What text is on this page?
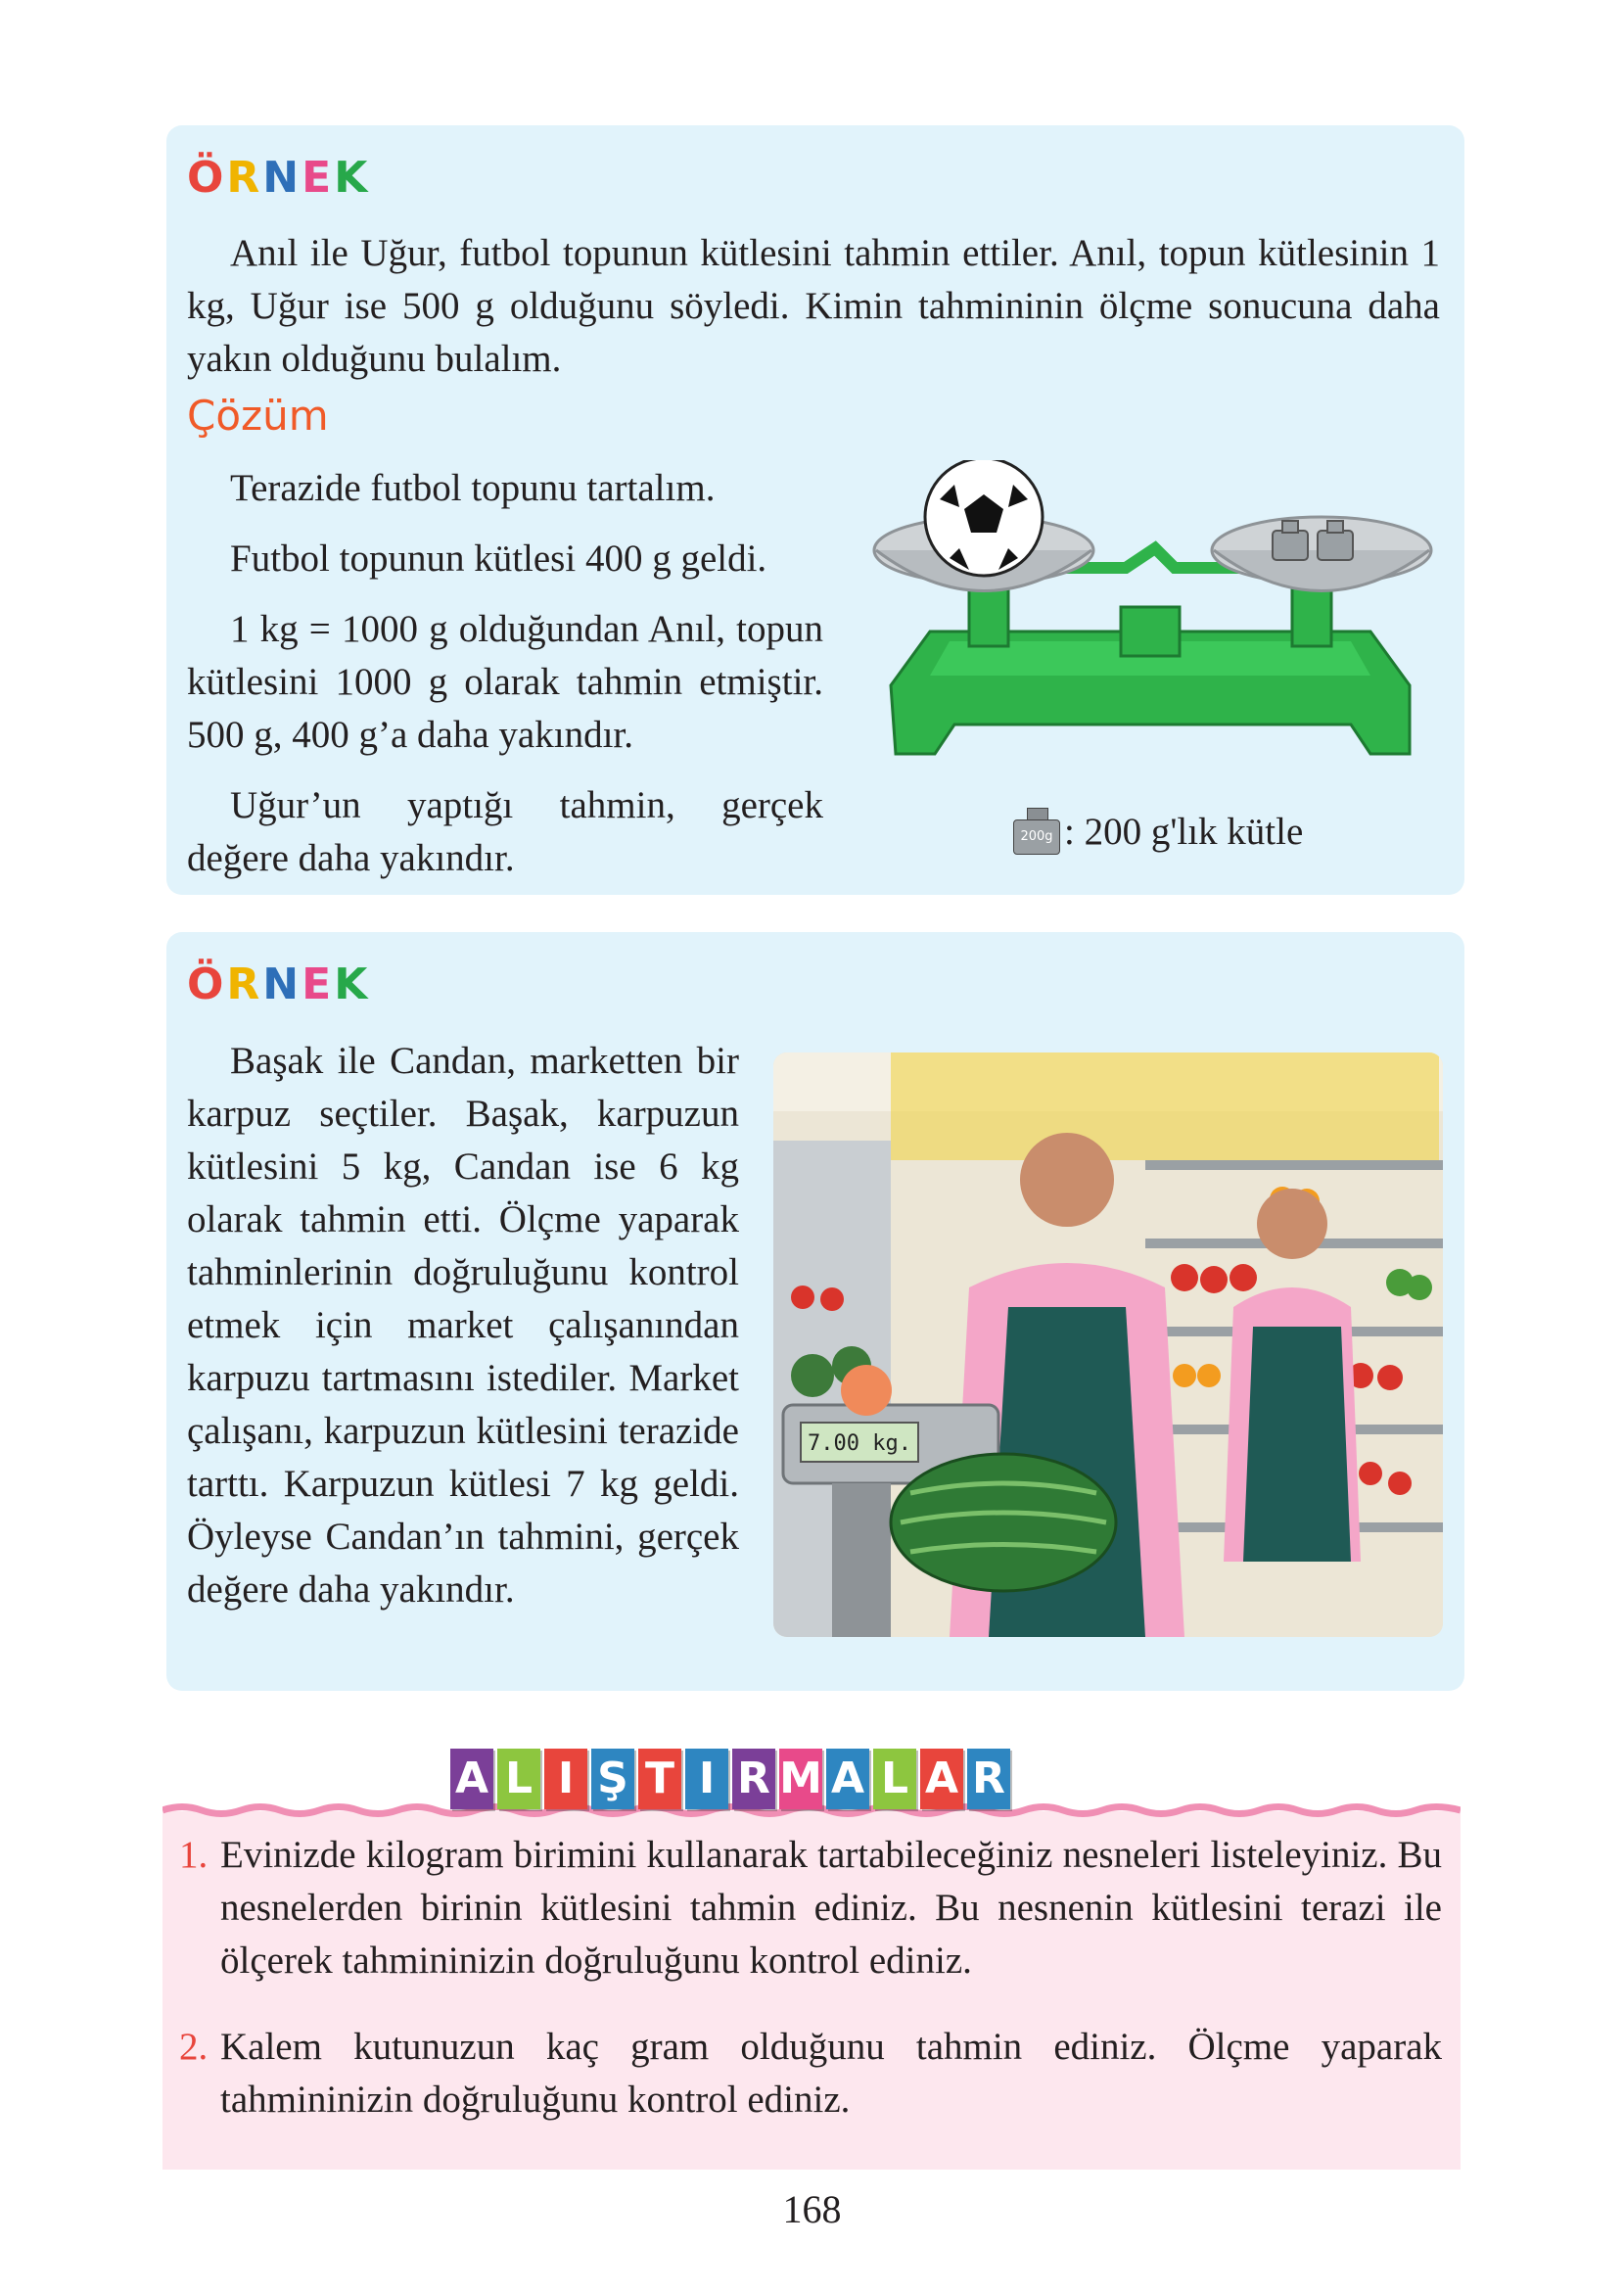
ÖRNEK

Anıl ile Uğur, futbol topunun kütlesini tahmin ettiler. Anıl, topun kütlesinin 1 kg, Uğur ise 500 g olduğunu söyledi. Kimin tahmininin ölçme sonucuna daha yakın olduğunu bulalım.

Çözüm

Terazide futbol topunu tartalım.

Futbol topunun kütlesi 400 g geldi.

1 kg = 1000 g olduğundan Anıl, topun kütlesini 1000 g olarak tahmin etmiştir. 500 g, 400 g’a daha yakındır.

Uğur’un yaptığı tahmin, gerçek değere daha yakındır.

200g : 200 g'lık kütle
ÖRNEK

Başak ile Candan, marketten bir karpuz seçtiler. Başak, karpuzun kütlesini 5 kg, Candan ise 6 kg olarak tahmin etti. Ölçme yaparak tahminlerinin doğruluğunu kontrol etmek için market çalışanından karpuzu tartmasını istediler. Market çalışanı, karpuzun kütlesini terazide tarttı. Karpuzun kütlesi 7 kg geldi. Öyleyse Candan’ın tahmini, gerçek değere daha yakındır.

7.00 kg.
A L I Ş T I R M A L A R
1. Evinizde kilogram birimini kullanarak tartabileceğiniz nesneleri listeleyiniz. Bu nesnelerden birinin kütlesini tahmin ediniz. Bu nesnenin kütlesini terazi ile ölçerek tahmininizin doğruluğunu kontrol ediniz.
2. Kalem kutunuzun kaç gram olduğunu tahmin ediniz. Ölçme yaparak tahmininizin doğruluğunu kontrol ediniz.
168
